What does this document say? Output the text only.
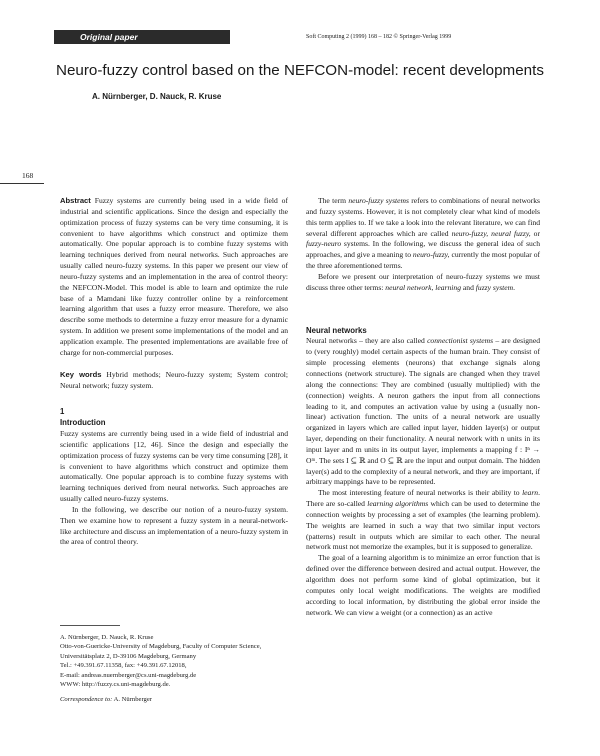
Original paper	Soft Computing 2 (1999) 168 – 182 © Springer-Verlag 1999
Neuro-fuzzy control based on the NEFCON-model: recent developments
A. Nürnberger, D. Nauck, R. Kruse
168

Abstract Fuzzy systems are currently being used in a wide field of industrial and scientific applications. Since the design and especially the optimization process of fuzzy systems can be very time consuming, it is convenient to have algorithms which construct and optimize them automatically. One popular approach is to combine fuzzy systems with learning techniques derived from neural networks. Such approaches are usually called neuro-fuzzy systems. In this paper we present our view of neuro-fuzzy systems and an implementation in the area of control theory: the NEFCON-Model. This model is able to learn and optimize the rule base of a Mamdani like fuzzy controller online by a reinforcement learning algorithm that uses a fuzzy error measure. Therefore, we also describe some methods to determine a fuzzy error measure for a dynamic system. In addition we present some implementations of the model and an application example. The presented implementations are available free of charge for non-commercial purposes.

Key words Hybrid methods; Neuro-fuzzy system; System control; Neural network; fuzzy system.

1

Introduction

Fuzzy systems are currently being used in a wide field of industrial and scientific applications [12, 46]. Since the design and especially the optimization process of fuzzy systems can be very time consuming [28], it is convenient to have algorithms which construct and optimize them automatically. One popular approach is to combine fuzzy systems with learning techniques derived from neural networks. Such approaches are usually called neuro-fuzzy systems.

In the following, we describe our notion of a neuro-fuzzy system. Then we examine how to represent a fuzzy system in a neural-network-like architecture and discuss an implementation of a neuro-fuzzy system in the area of control theory.

A. Nürnberger, D. Nauck, R. Kruse

Otto-von-Guericke-University of Magdeburg, Faculty of Computer Science, Universitätsplatz 2, D-39106 Magdeburg, Germany

Tel.: +49.391.67.11358, fax: +49.391.67.12018,

E-mail: andreas.nuernberger@cs.uni-magdeburg.de

WWW: http://fuzzy.cs.uni-magdeburg.de.

Correspondence to: A. Nürnberger

The term neuro-fuzzy systems refers to combinations of neural networks and fuzzy systems. However, it is not completely clear what kind of models this term applies to. If we take a look into the relevant literature, we can find several different approaches which are called neuro-fuzzy, neural fuzzy, or fuzzy-neuro systems. In the following, we discuss the general idea of such approaches, and give a meaning to neuro-fuzzy, currently the most popular of the three aforementioned terms.

Before we present our interpretation of neuro-fuzzy systems we must discuss three other terms: neural network, learning and fuzzy system.

Neural networks

Neural networks – they are also called connectionist systems – are designed to (very roughly) model certain aspects of the human brain. They consist of simple processing elements (neurons) that exchange signals along connections (network structure). The signals are changed when they travel along the connections: They are combined (usually multiplied) with the (connection) weights. A neuron gathers the input from all connections leading to it, and computes an activation value by using a (usually non-linear) activation function. The units of a neural network are usually organized in layers which are called input layer, hidden layer(s) or output layer, depending on their functionality. A neural network with n units in its input layer and m units in its output layer, implements a mapping f : Iⁿ → Oᵐ. The sets I ⊆ ℝ and O ⊆ ℝ are the input and output domain. The hidden layer(s) add to the complexity of a neural network, and they are important, if arbitrary mappings have to be represented.

The most interesting feature of neural networks is their ability to learn. There are so-called learning algorithms which can be used to determine the connection weights by processing a set of examples (the learning problem). The weights are learned in such a way that two similar input vectors (patterns) result in outputs which are similar to each other. The neural network must not memorize the examples, but it is supposed to generalize.

The goal of a learning algorithm is to minimize an error function that is defined over the difference between desired and actual output. However, the algorithm does not perform some kind of global optimization, but it computes only local weight modifications. The weights are modified according to local information, by distributing the global error inside the network. We can view a weight (or a connection) as an active
